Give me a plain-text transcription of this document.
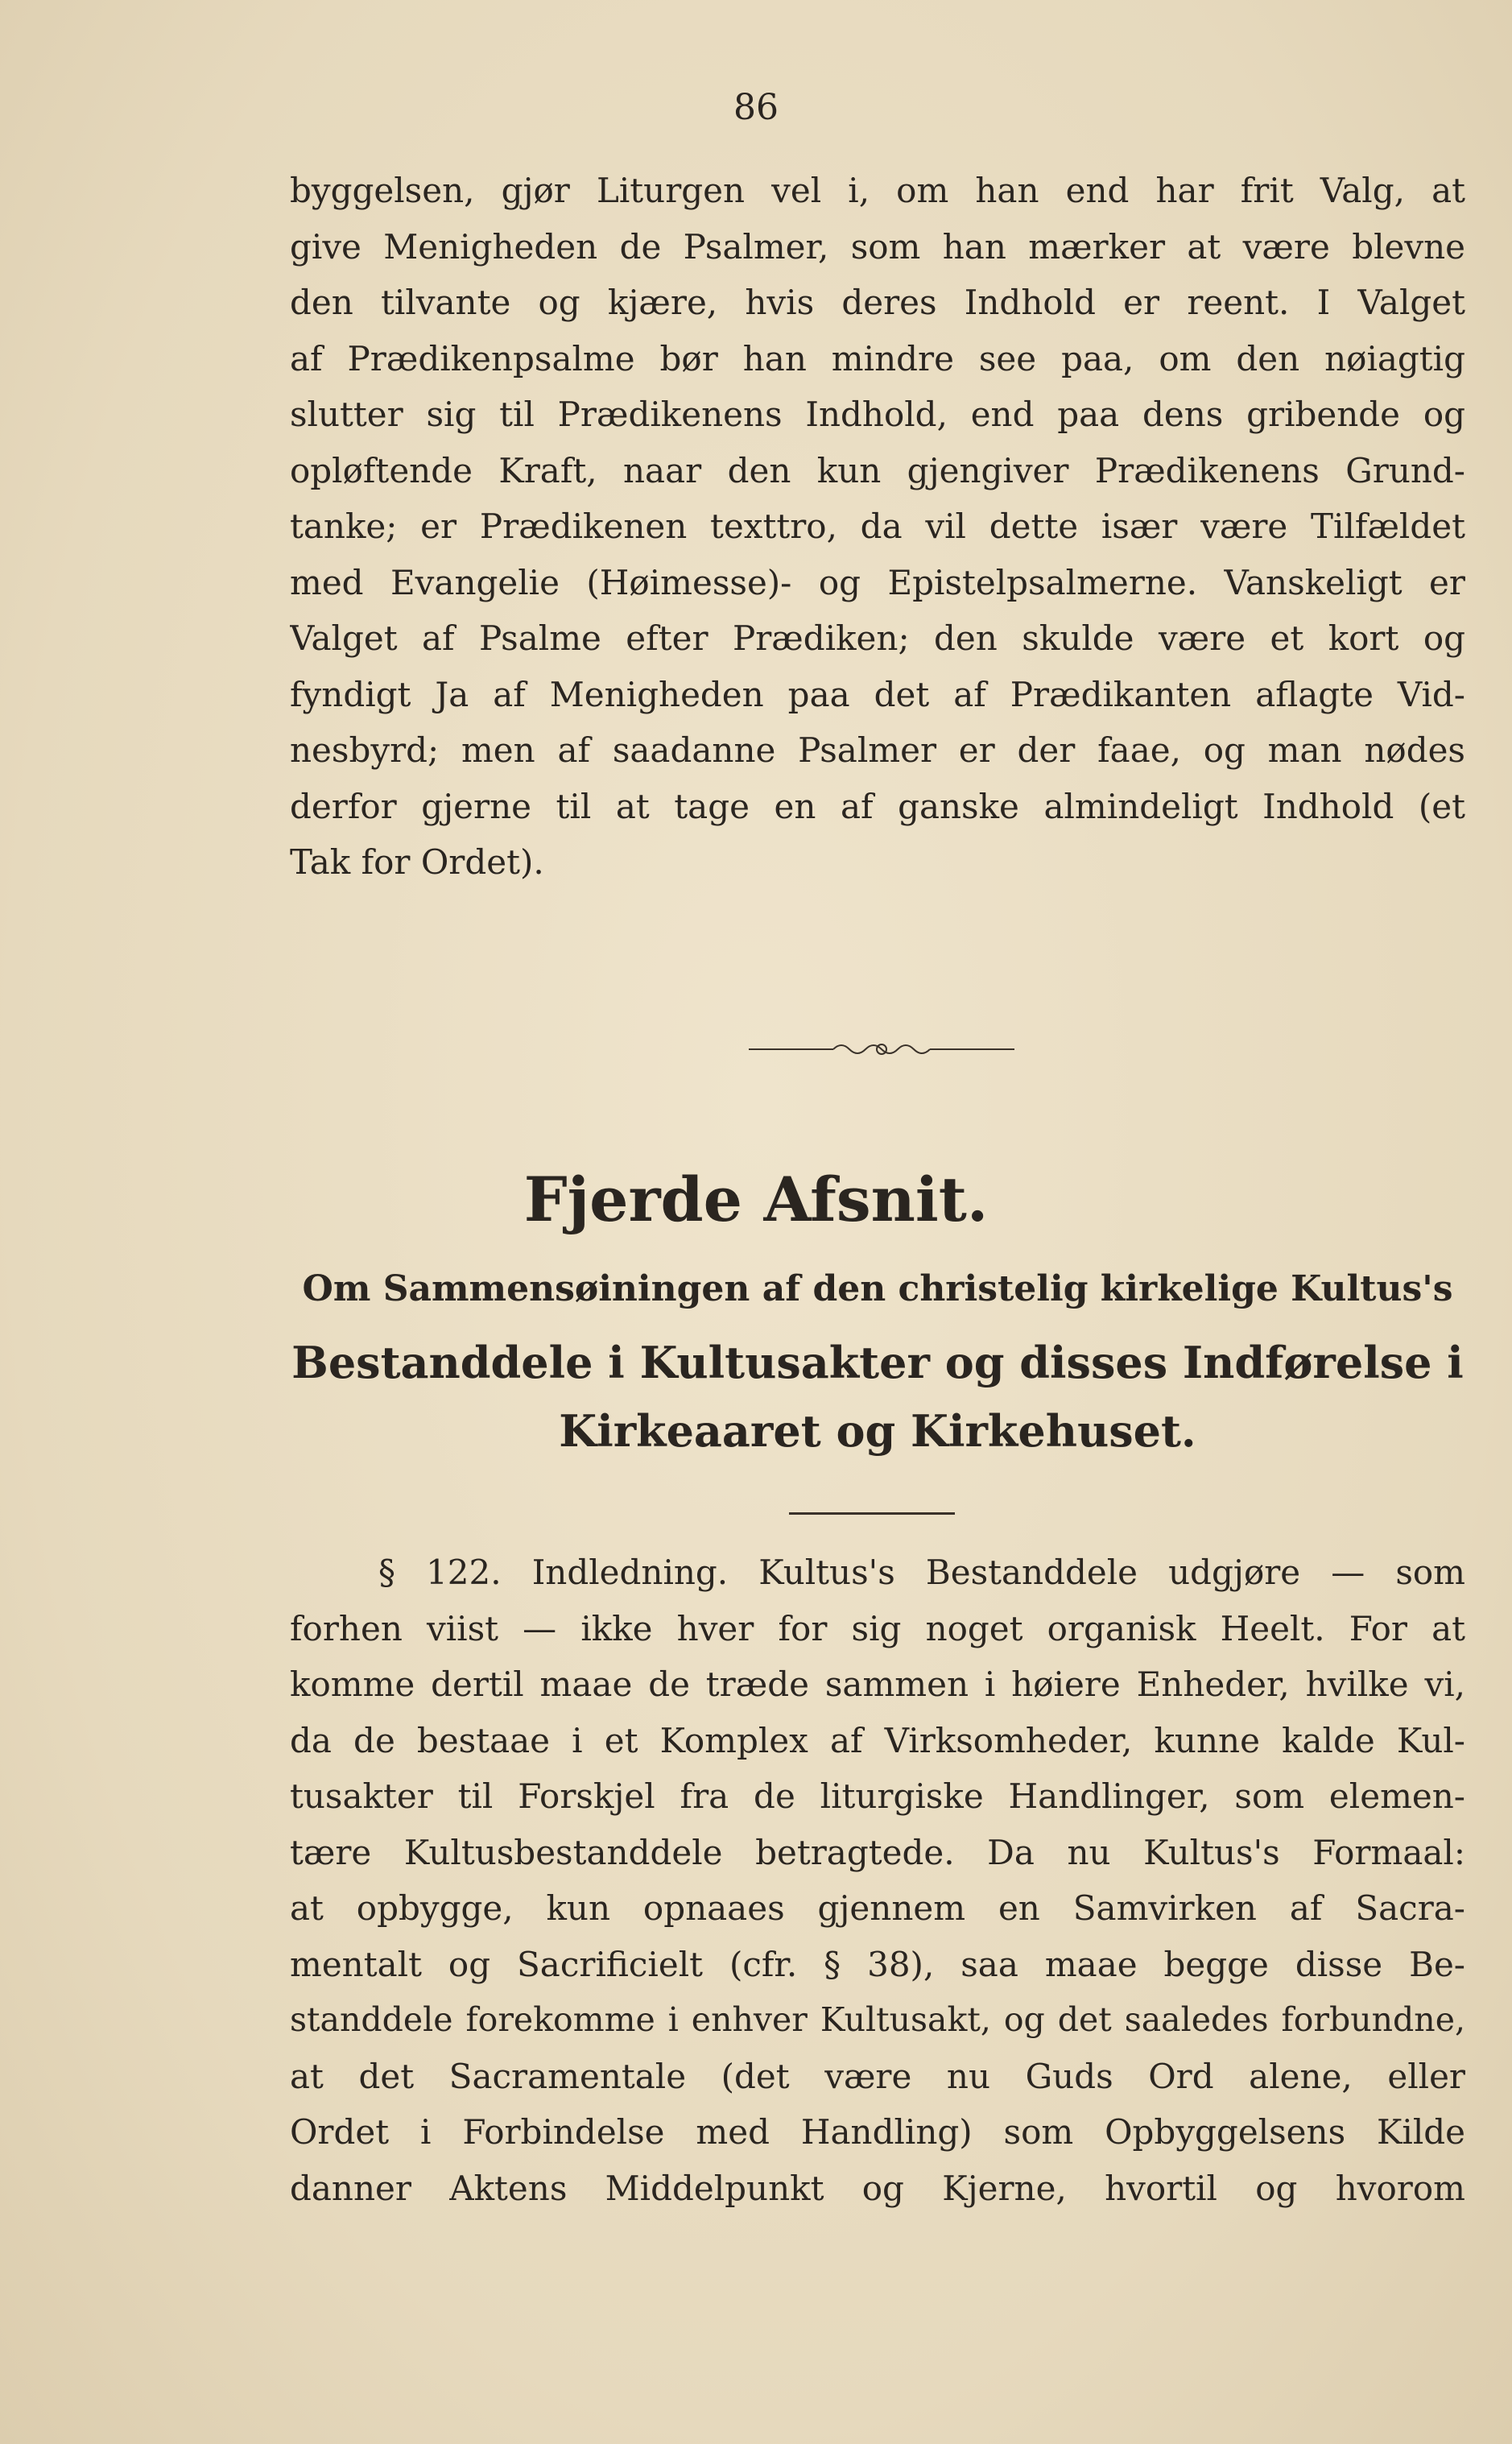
86
byggelsen, gjør Liturgen vel i, om han end har frit Valg, at
give Menigheden de Psalmer, som han mærker at være blevne
den tilvante og kjære, hvis deres Indhold er reent. I Valget
af Prædikenpsalme bør han mindre see paa, om den nøiagtig
slutter sig til Prædikenens Indhold, end paa dens gribende og
opløftende Kraft, naar den kun gjengiver Prædikenens Grund-
tanke; er Prædikenen texttro, da vil dette især være Tilfældet
med Evangelie (Høimesse)- og Epistelpsalmerne. Vanskeligt er
Valget af Psalme efter Prædiken; den skulde være et kort og
fyndigt Ja af Menigheden paa det af Prædikanten aflagte Vid-
nesbyrd; men af saadanne Psalmer er der faae, og man nødes
derfor gjerne til at tage en af ganske almindeligt Indhold (et
Tak for Ordet).
Fjerde Afsnit.
Om Sammensøiningen af den christelig kirkelige Kultus's
Bestanddele i Kultusakter og disses Indførelse i
Kirkeaaret og Kirkehuset.
§ 122. Indledning. Kultus's Bestanddele udgjøre — som
forhen viist — ikke hver for sig noget organisk Heelt. For at
komme dertil maae de træde sammen i høiere Enheder, hvilke vi,
da de bestaae i et Komplex af Virksomheder, kunne kalde Kul-
tusakter til Forskjel fra de liturgiske Handlinger, som elemen-
tære Kultusbestanddele betragtede. Da nu Kultus's Formaal:
at opbygge, kun opnaaes gjennem en Samvirken af Sacra-
mentalt og Sacrificielt (cfr. § 38), saa maae begge disse Be-
standdele forekomme i enhver Kultusakt, og det saaledes forbundne,
at det Sacramentale (det være nu Guds Ord alene, eller
Ordet i Forbindelse med Handling) som Opbyggelsens Kilde
danner Aktens Middelpunkt og Kjerne, hvortil og hvorom
